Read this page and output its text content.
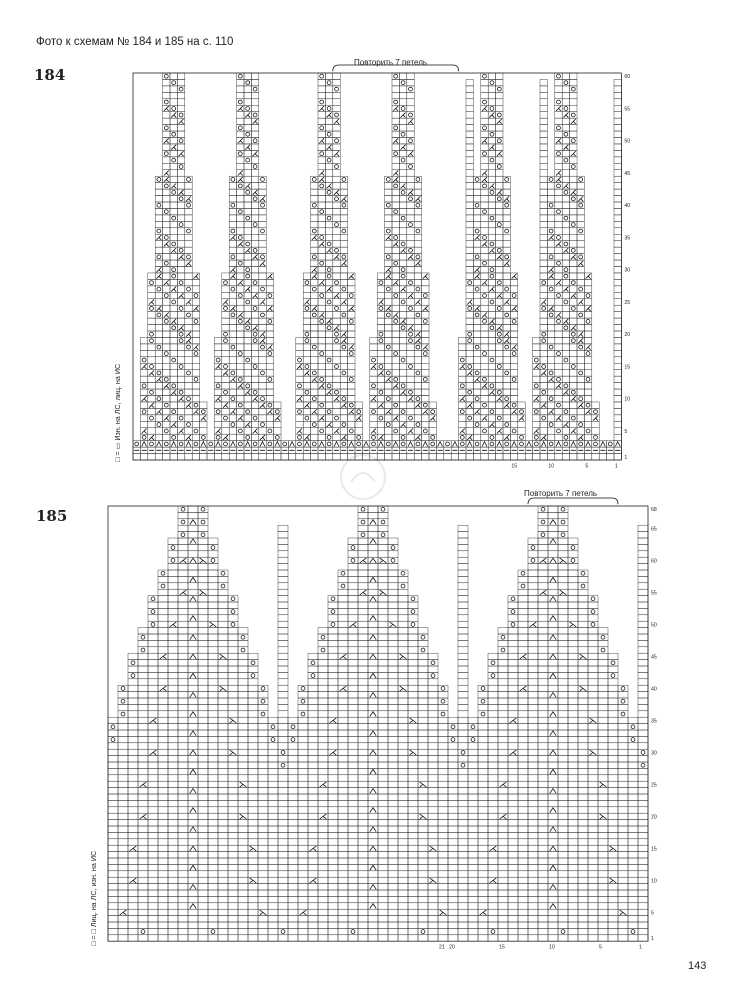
Фото к схемам № 184 и 185 на с. 110
184
Повторить 7 петель
□ = ▭ Изн. на ЛС, лиц. на ИС
185
Повторить 7 петель
□ = □ Лиц. на ЛС, изн. на ИС
60
55
50
45
40
35
30
25
20
15
10
5
1
10
15	5	1
68
65
60
55
50
45
40
35
30
25
20
15
10
5
1
21 20	15	10	5	1
143
